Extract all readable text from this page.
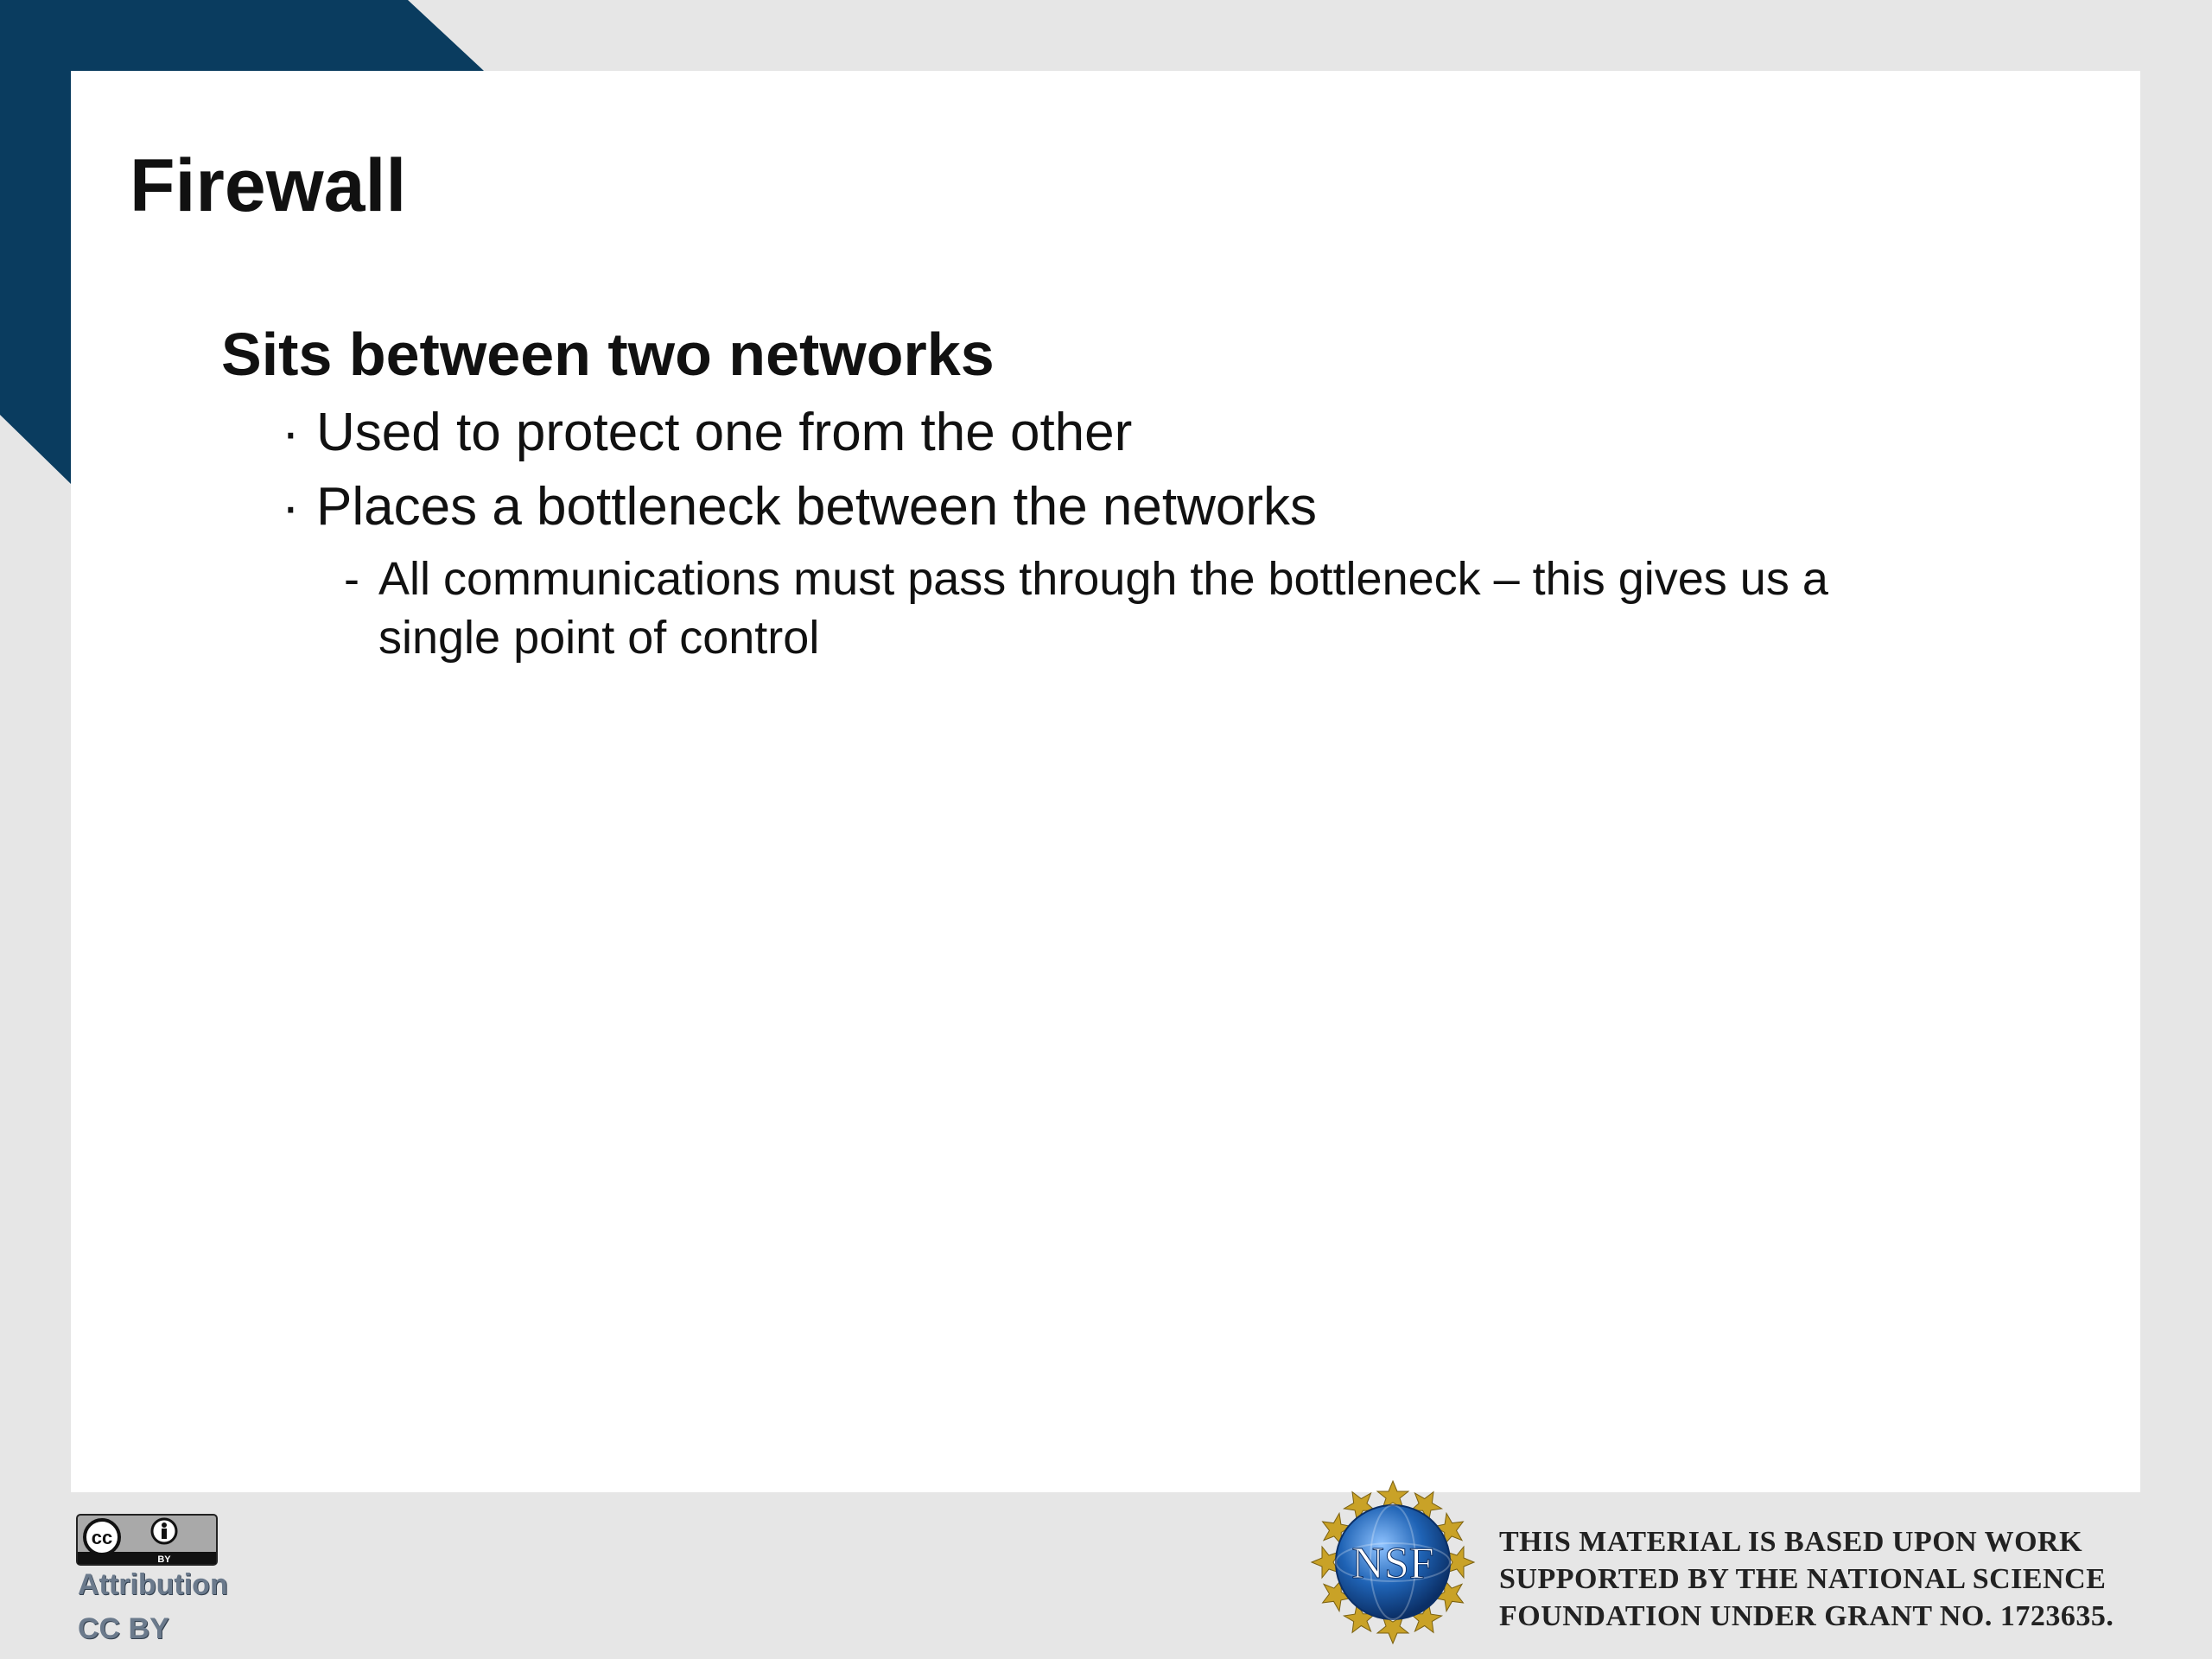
Firewall

Sits between two networks

· Used to protect one from the other

· Places a bottleneck between the networks

- All communications must pass through the bottleneck – this gives us a single point of control

cc
BY
Attribution
CC BY
NSF THIS MATERIAL IS BASED UPON WORK
SUPPORTED BY THE NATIONAL SCIENCE
FOUNDATION UNDER GRANT NO. 1723635.
